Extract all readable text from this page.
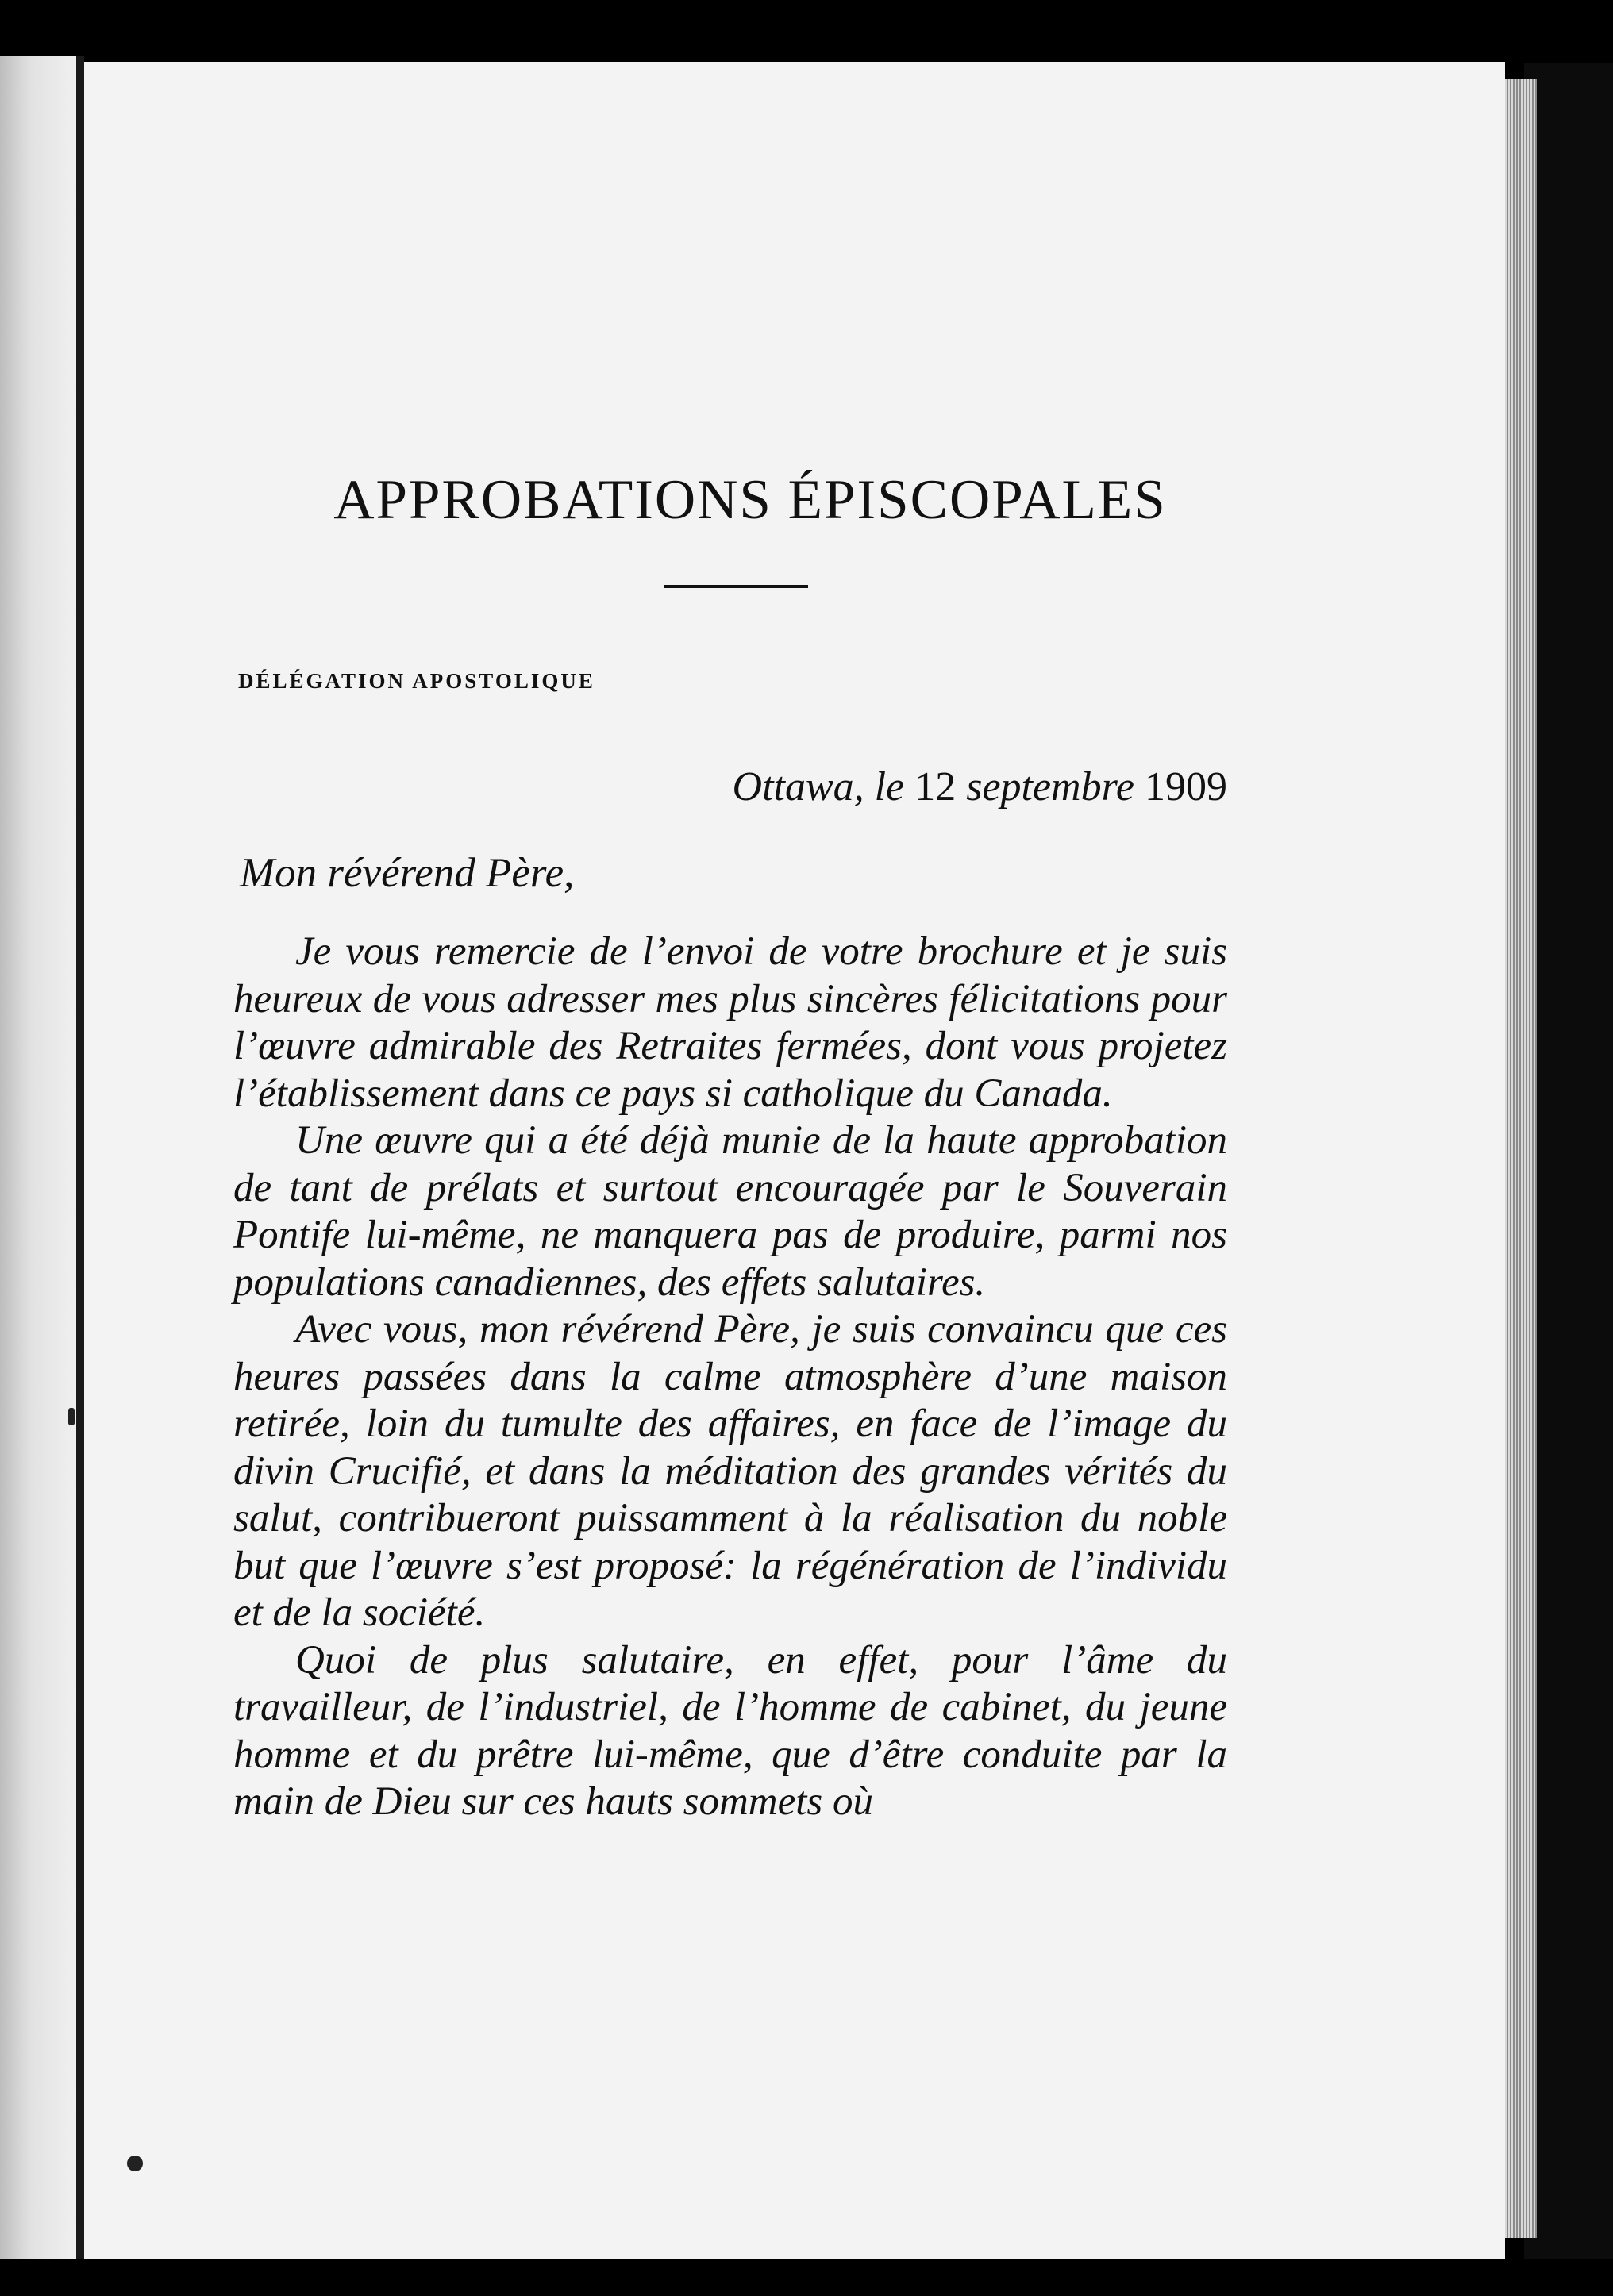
APPROBATIONS ÉPISCOPALES
DÉLÉGATION APOSTOLIQUE
Ottawa, le 12 septembre 1909
Mon révérend Père,

Je vous remercie de l’envoi de votre brochure et je suis heureux de vous adresser mes plus sincères félicitations pour l’œuvre admirable des Retraites fermées, dont vous projetez l’établissement dans ce pays si catholique du Canada.

Une œuvre qui a été déjà munie de la haute approbation de tant de prélats et surtout encouragée par le Souverain Pontife lui-même, ne manquera pas de produire, parmi nos populations canadiennes, des effets salutaires.

Avec vous, mon révérend Père, je suis convaincu que ces heures passées dans la calme atmosphère d’une maison retirée, loin du tumulte des affaires, en face de l’image du divin Crucifié, et dans la méditation des grandes vérités du salut, contribueront puissamment à la réalisation du noble but que l’œuvre s’est proposé: la régénération de l’individu et de la société.

Quoi de plus salutaire, en effet, pour l’âme du travailleur, de l’industriel, de l’homme de cabinet, du jeune homme et du prêtre lui-même, que d’être conduite par la main de Dieu sur ces hauts sommets où
